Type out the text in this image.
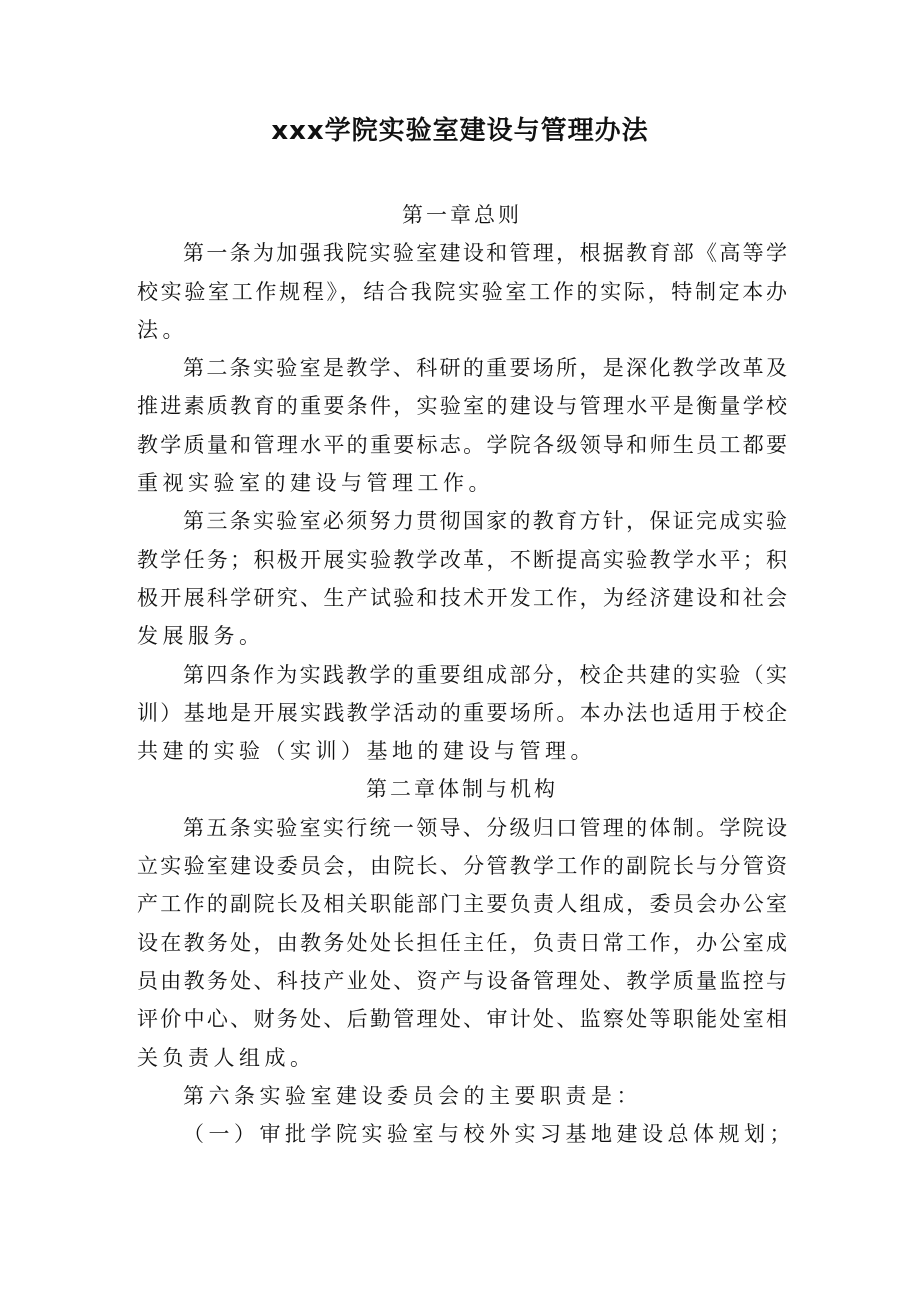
xxx学院实验室建设与管理办法
第一章总则
第一条为加强我院实验室建设和管理，根据教育部《高等学
校实验室工作规程》，结合我院实验室工作的实际，特制定本办
法。
第二条实验室是教学、科研的重要场所，是深化教学改革及
推进素质教育的重要条件，实验室的建设与管理水平是衡量学校
教学质量和管理水平的重要标志。学院各级领导和师生员工都要
重视实验室的建设与管理工作。
第三条实验室必须努力贯彻国家的教育方针，保证完成实验
教学任务；积极开展实验教学改革，不断提高实验教学水平；积
极开展科学研究、生产试验和技术开发工作，为经济建设和社会
发展服务。
第四条作为实践教学的重要组成部分，校企共建的实验（实
训）基地是开展实践教学活动的重要场所。本办法也适用于校企
共建的实验（实训）基地的建设与管理。
第二章体制与机构
第五条实验室实行统一领导、分级归口管理的体制。学院设
立实验室建设委员会，由院长、分管教学工作的副院长与分管资
产工作的副院长及相关职能部门主要负责人组成，委员会办公室
设在教务处，由教务处处长担任主任，负责日常工作，办公室成
员由教务处、科技产业处、资产与设备管理处、教学质量监控与
评价中心、财务处、后勤管理处、审计处、监察处等职能处室相
关负责人组成。
第六条实验室建设委员会的主要职责是：
（一）审批学院实验室与校外实习基地建设总体规划；
